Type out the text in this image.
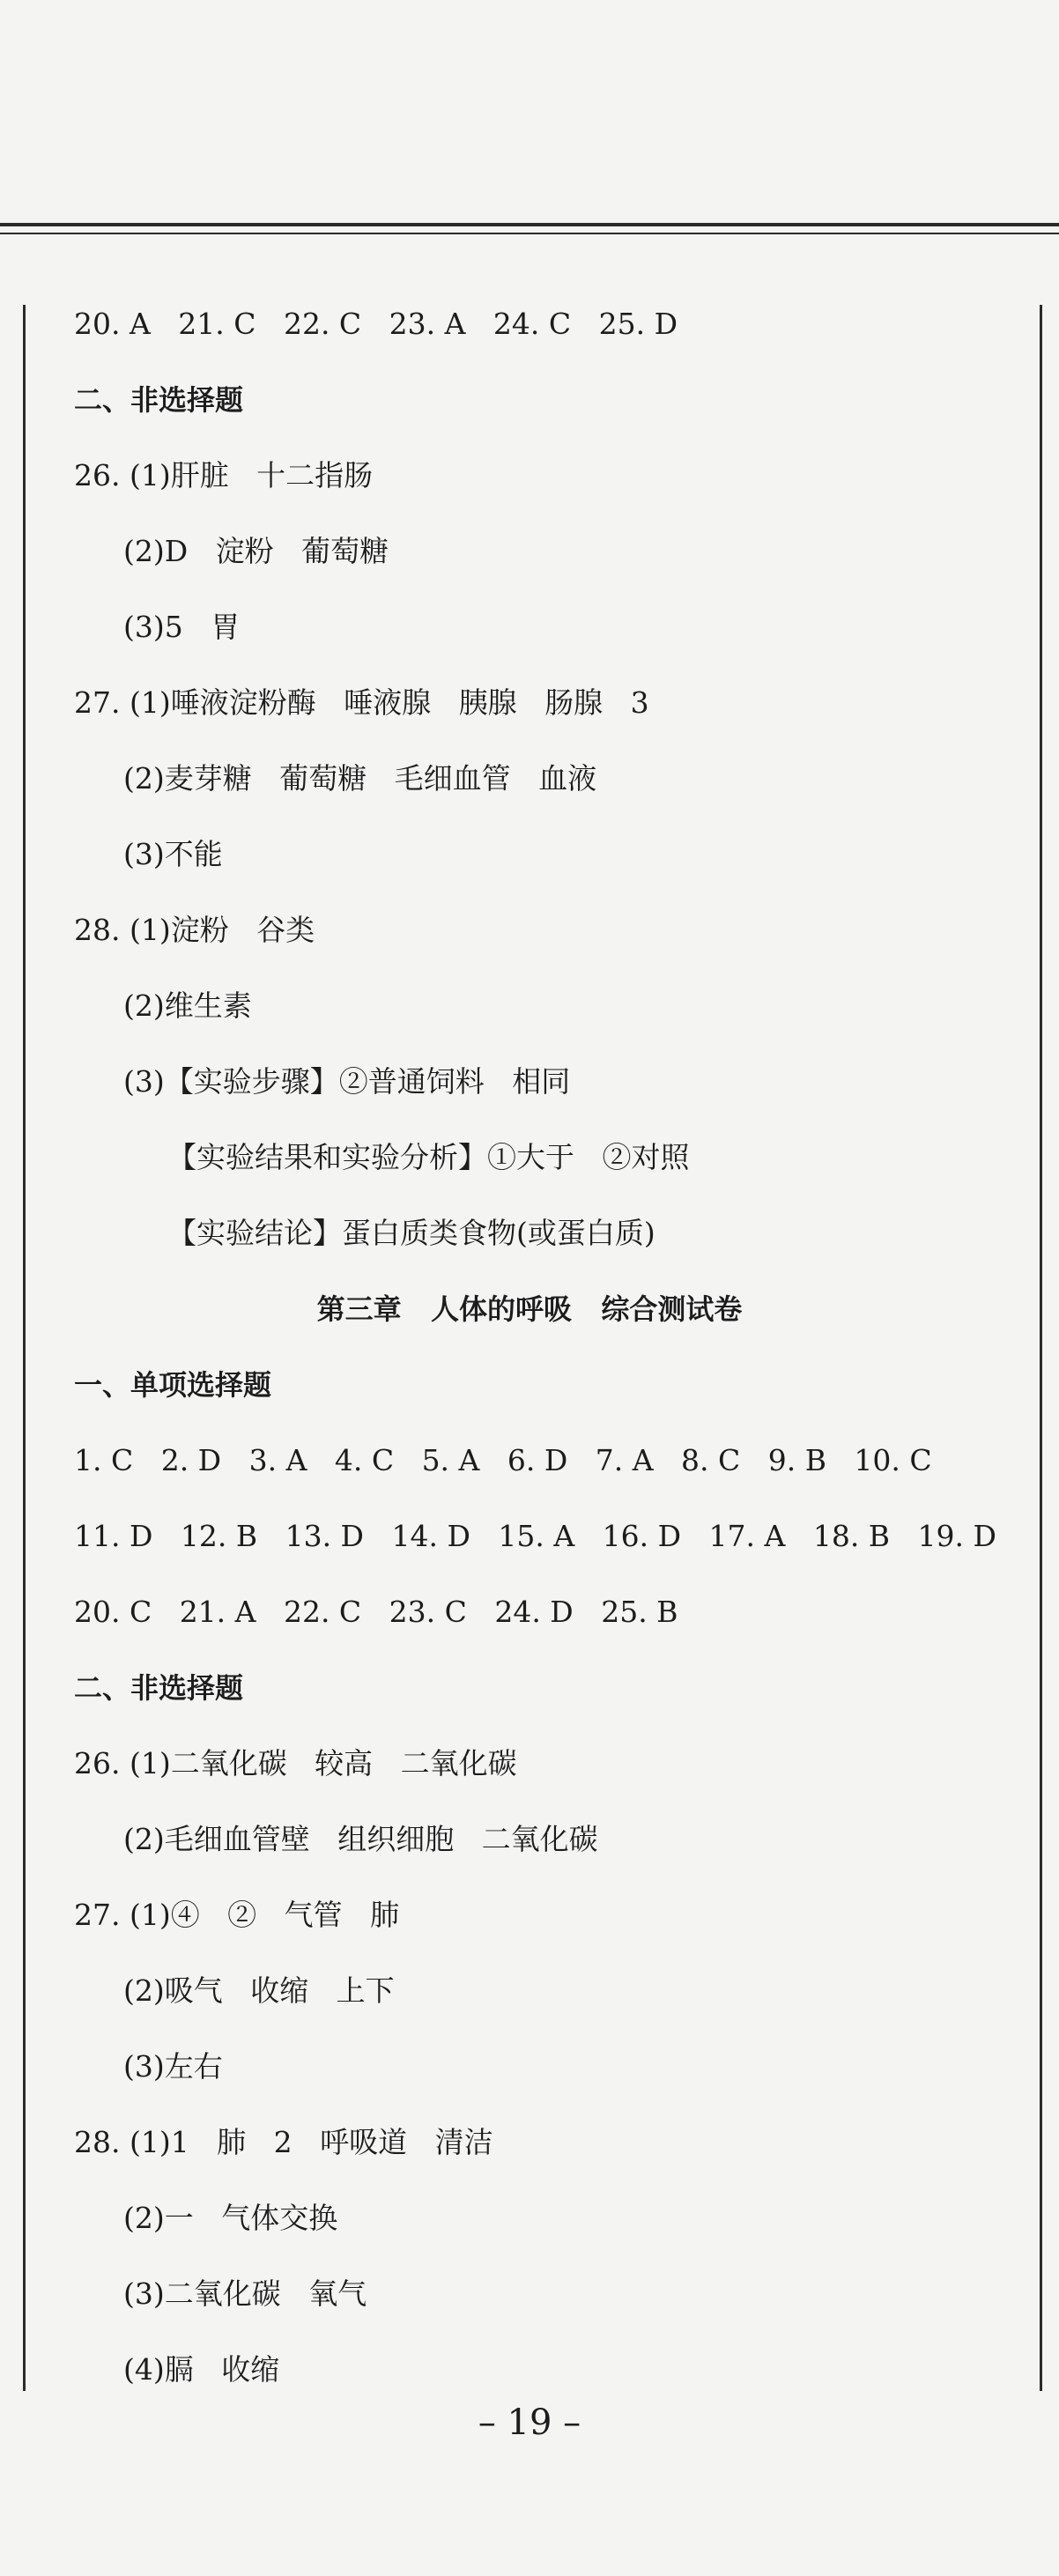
20. A   21. C   22. C   23. A   24. C   25. D
二、非选择题
26. (1)肝脏   十二指肠
(2)D   淀粉   葡萄糖
(3)5   胃
27. (1)唾液淀粉酶   唾液腺   胰腺   肠腺   3
(2)麦芽糖   葡萄糖   毛细血管   血液
(3)不能
28. (1)淀粉   谷类
(2)维生素
(3)【实验步骤】②普通饲料   相同
【实验结果和实验分析】①大于   ②对照
【实验结论】蛋白质类食物(或蛋白质)
第三章   人体的呼吸   综合测试卷
一、单项选择题
1. C   2. D   3. A   4. C   5. A   6. D   7. A   8. C   9. B   10. C
11. D   12. B   13. D   14. D   15. A   16. D   17. A   18. B   19. D
20. C   21. A   22. C   23. C   24. D   25. B
二、非选择题
26. (1)二氧化碳   较高   二氧化碳
(2)毛细血管壁   组织细胞   二氧化碳
27. (1)④   ②   气管   肺
(2)吸气   收缩   上下
(3)左右
28. (1)1   肺   2   呼吸道   清洁
(2)一   气体交换
(3)二氧化碳   氧气
(4)膈   收缩
– 19 –
